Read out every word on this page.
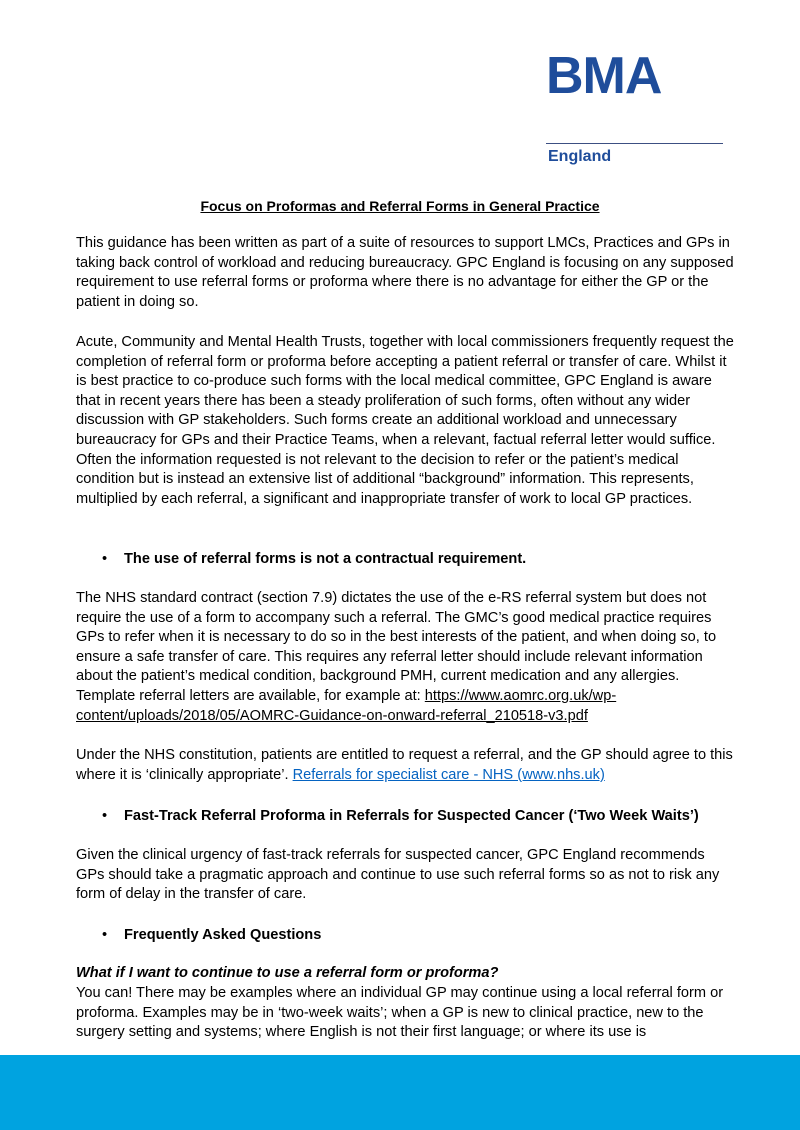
BMA
England
Focus on Proformas and Referral Forms in General Practice
This guidance has been written as part of a suite of resources to support LMCs, Practices and GPs in taking back control of workload and reducing bureaucracy. GPC England is focusing on any supposed requirement to use referral forms or proforma where there is no advantage for either the GP or the patient in doing so.
Acute, Community and Mental Health Trusts, together with local commissioners frequently request the completion of referral form or proforma before accepting a patient referral or transfer of care. Whilst it is best practice to co-produce such forms with the local medical committee, GPC England is aware that in recent years there has been a steady proliferation of such forms, often without any wider discussion with GP stakeholders. Such forms create an additional workload and unnecessary bureaucracy for GPs and their Practice Teams, when a relevant, factual referral letter would suffice. Often the information requested is not relevant to the decision to refer or the patient’s medical condition but is instead an extensive list of additional “background” information. This represents, multiplied by each referral, a significant and inappropriate transfer of work to local GP practices.
•	The use of referral forms is not a contractual requirement.
The NHS standard contract (section 7.9) dictates the use of the e-RS referral system but does not require the use of a form to accompany such a referral. The GMC’s good medical practice requires GPs to refer when it is necessary to do so in the best interests of the patient, and when doing so, to ensure a safe transfer of care. This requires any referral letter should include relevant information about the patient’s medical condition, background PMH, current medication and any allergies. Template referral letters are available, for example at: https://www.aomrc.org.uk/wp-content/uploads/2018/05/AOMRC-Guidance-on-onward-referral_210518-v3.pdf
Under the NHS constitution, patients are entitled to request a referral, and the GP should agree to this where it is ‘clinically appropriate’. Referrals for specialist care - NHS (www.nhs.uk)
•	Fast-Track Referral Proforma in Referrals for Suspected Cancer (‘Two Week Waits’)
Given the clinical urgency of fast-track referrals for suspected cancer, GPC England recommends GPs should take a pragmatic approach and continue to use such referral forms so as not to risk any form of delay in the transfer of care.
•	Frequently Asked Questions
What if I want to continue to use a referral form or proforma?
You can! There may be examples where an individual GP may continue using a local referral form or proforma. Examples may be in ‘two-week waits’; when a GP is new to clinical practice, new to the surgery setting and systems; where English is not their first language; or where its use is
